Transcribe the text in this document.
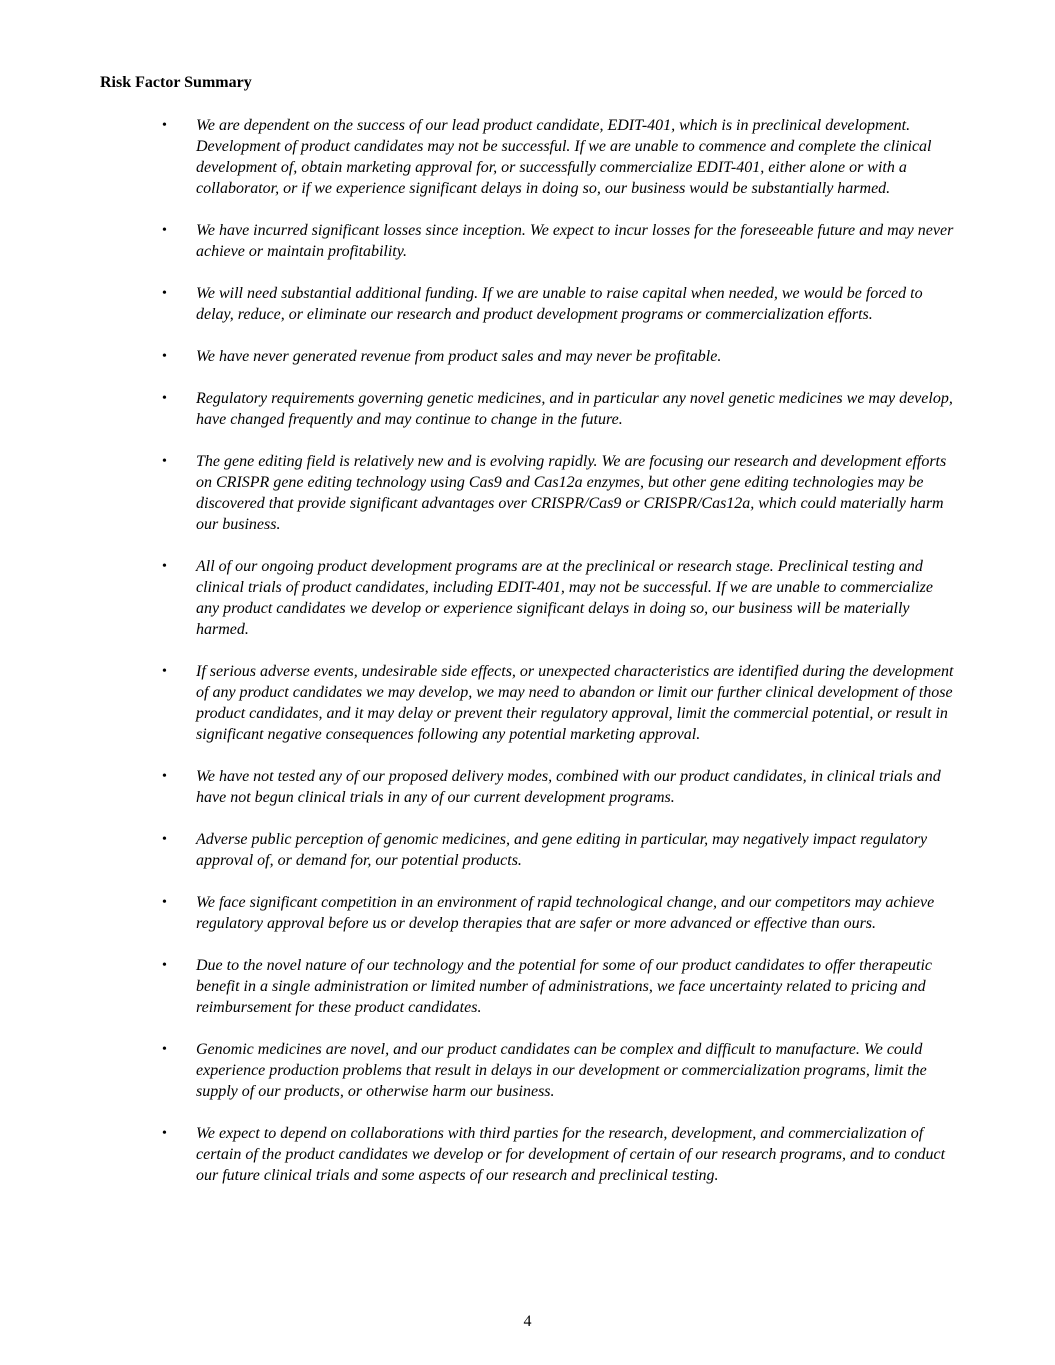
Risk Factor Summary
•	We are dependent on the success of our lead product candidate, EDIT-401, which is in preclinical development. Development of product candidates may not be successful. If we are unable to commence and complete the clinical development of, obtain marketing approval for, or successfully commercialize EDIT-401, either alone or with a collaborator, or if we experience significant delays in doing so, our business would be substantially harmed.
•	We have incurred significant losses since inception. We expect to incur losses for the foreseeable future and may never achieve or maintain profitability.
•	We will need substantial additional funding. If we are unable to raise capital when needed, we would be forced to delay, reduce, or eliminate our research and product development programs or commercialization efforts.
•	We have never generated revenue from product sales and may never be profitable.
•	Regulatory requirements governing genetic medicines, and in particular any novel genetic medicines we may develop, have changed frequently and may continue to change in the future.
•	The gene editing field is relatively new and is evolving rapidly. We are focusing our research and development efforts on CRISPR gene editing technology using Cas9 and Cas12a enzymes, but other gene editing technologies may be discovered that provide significant advantages over CRISPR/Cas9 or CRISPR/Cas12a, which could materially harm our business.
•	All of our ongoing product development programs are at the preclinical or research stage. Preclinical testing and clinical trials of product candidates, including EDIT-401, may not be successful. If we are unable to commercialize any product candidates we develop or experience significant delays in doing so, our business will be materially harmed.
•	If serious adverse events, undesirable side effects, or unexpected characteristics are identified during the development of any product candidates we may develop, we may need to abandon or limit our further clinical development of those product candidates, and it may delay or prevent their regulatory approval, limit the commercial potential, or result in significant negative consequences following any potential marketing approval.
•	We have not tested any of our proposed delivery modes, combined with our product candidates, in clinical trials and have not begun clinical trials in any of our current development programs.
•	Adverse public perception of genomic medicines, and gene editing in particular, may negatively impact regulatory approval of, or demand for, our potential products.
•	We face significant competition in an environment of rapid technological change, and our competitors may achieve regulatory approval before us or develop therapies that are safer or more advanced or effective than ours.
•	Due to the novel nature of our technology and the potential for some of our product candidates to offer therapeutic benefit in a single administration or limited number of administrations, we face uncertainty related to pricing and reimbursement for these product candidates.
•	Genomic medicines are novel, and our product candidates can be complex and difficult to manufacture. We could experience production problems that result in delays in our development or commercialization programs, limit the supply of our products, or otherwise harm our business.
•	We expect to depend on collaborations with third parties for the research, development, and commercialization of certain of the product candidates we develop or for development of certain of our research programs, and to conduct our future clinical trials and some aspects of our research and preclinical testing.
4
